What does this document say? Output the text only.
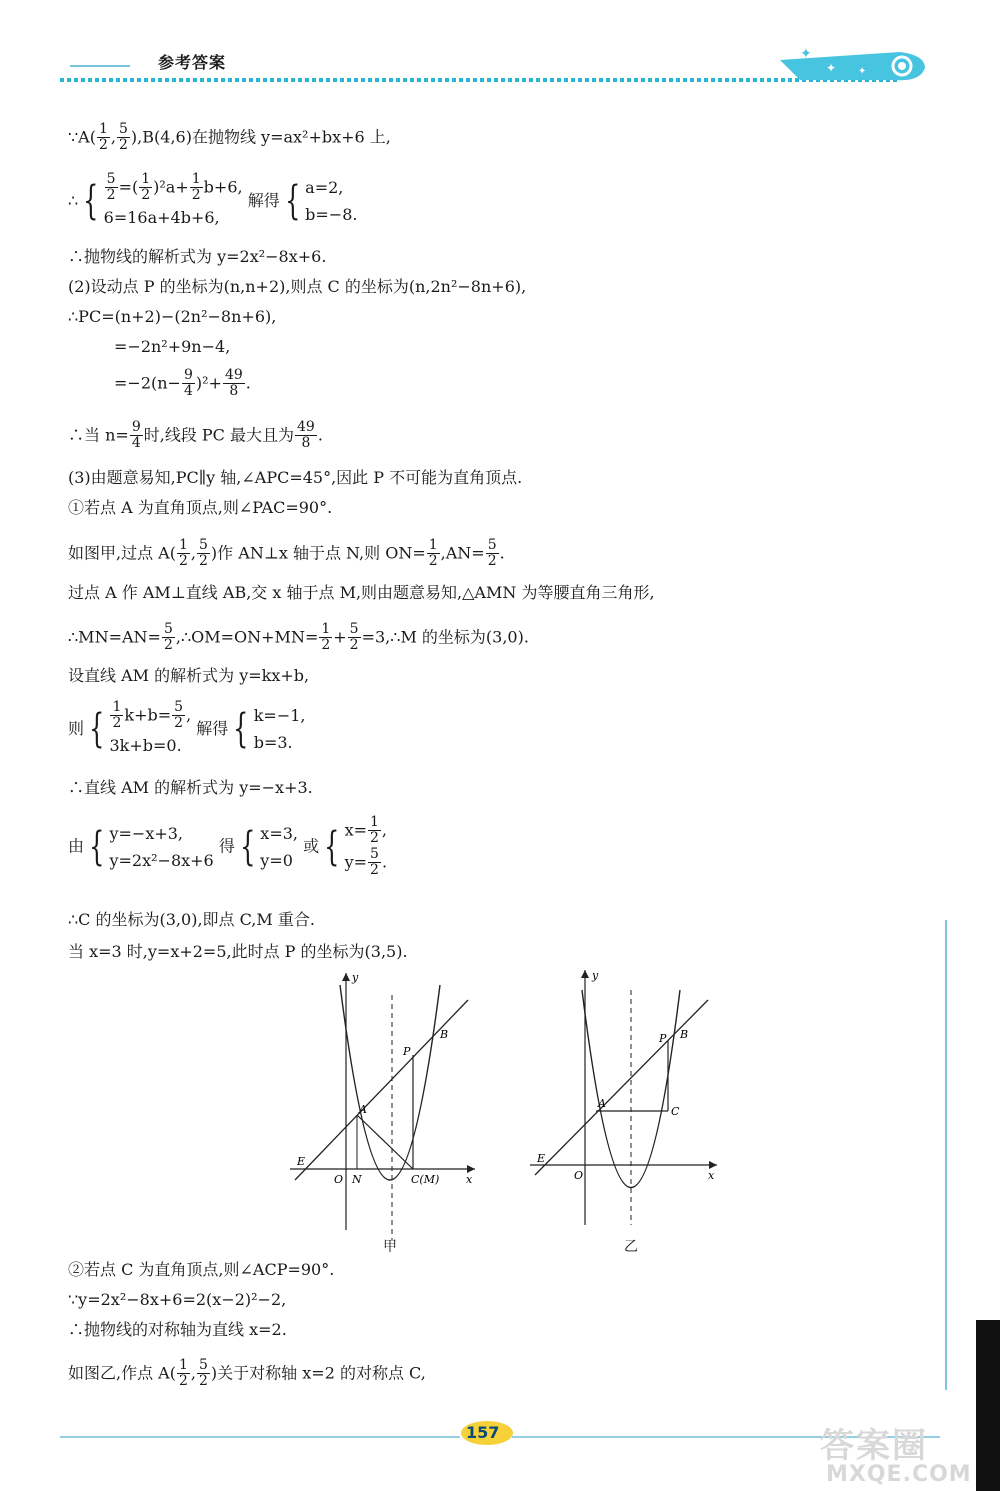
✦
✦ ✦
参考答案
∵A( $\frac{1}{2}$ , $\frac{5}{2} ),B(4,6)$在抛物线 y=ax²+bx+6 上,
∴ { $\frac{5}{2}$ =( $\frac{1}{2} )^2a+ \frac{1}{2} b+6$,
6=16a+4b+6,
解得 { a=2,
b=−8.
∴抛物线的解析式为 y=2x²−8x+6.
(2)设动点 P 的坐标为(n,n+2),则点 C 的坐标为(n,2n²−8n+6),
∴PC=(n+2)−(2n²−8n+6),
=−2n²+9n−4,
$=-2(n- \frac{9}{4} )^2+ \frac{49}{8}$ .
∴当 $n= \frac{9}{4}$ 时,线段 PC 最大且为 $\frac{49}{8}$ .
(3)由题意易知,PC∥y 轴,∠APC=45°,因此 P 不可能为直角顶点.
①若点 A 为直角顶点,则∠PAC=90°.
如图甲,过点 $A( \frac{1}{2}$ , $\frac{5}{2}$ )作 AN⊥x 轴于点 N,则 $ON= \frac{1}{2} ,AN= \frac{5}{2}$ .
过点 A 作 AM⊥直线 AB,交 x 轴于点 M,则由题意易知,△AMN 为等腰直角三角形,
∴MN=AN= $\frac{5}{2}$ ,∴OM=ON+MN= $\frac{1}{2} + \frac{5}{2}$ =3,∴M 的坐标为(3,0).
设直线 AM 的解析式为 y=kx+b,
则 { $\frac{1}{2} k+b= \frac{5}{2}$ ,
3k+b=0.
解得 { k=−1,
b=3.
∴直线 AM 的解析式为 y=−x+3.
由 { y=−x+3,
y=2x²−8x+6
得 { x=3,
y=0
或 { $x= \frac{1}{2}$ ,
$y= \frac{5}{2}$ .
∴C 的坐标为(3,0),即点 C,M 重合.
当 x=3 时,y=x+2=5,此时点 P 的坐标为(3,5).
y
x
O N
E
A
P
B
C(M)
甲
y
x
O
E
A
P B
C
乙
②若点 C 为直角顶点,则∠ACP=90°.
∵y=2x²−8x+6=2(x−2)²−2,
∴抛物线的对称轴为直线 x=2.
如图乙,作点 $A( \frac{1}{2}$ , $\frac{5}{2}$ )关于对称轴 x=2 的对称点 C,
157	答案圈
MXQE.COM
